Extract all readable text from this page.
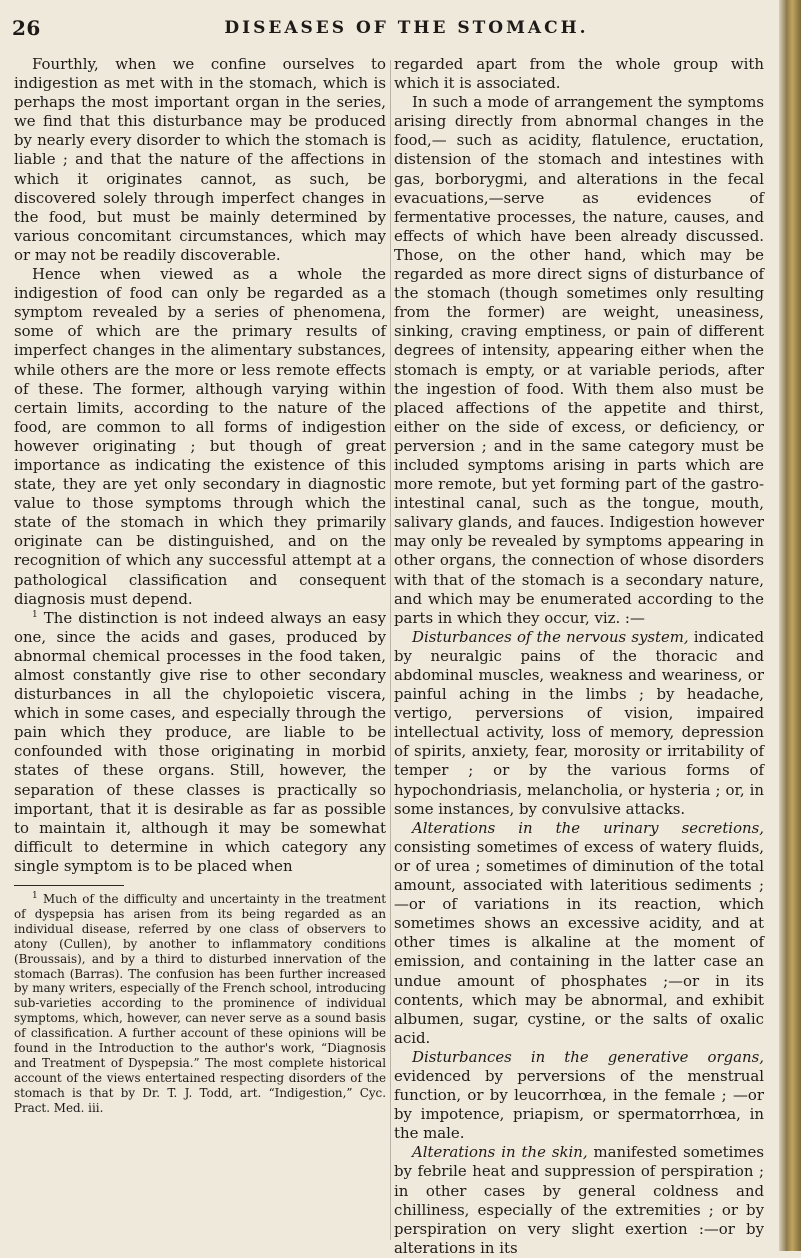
26	DISEASES OF THE STOMACH.

Fourthly, when we confine ourselves to indigestion as met with in the stomach, which is perhaps the most important organ in the series, we find that this disturbance may be produced by nearly every disorder to which the stomach is liable ; and that the nature of the affections in which it originates cannot, as such, be discovered solely through imperfect changes in the food, but must be mainly determined by various concomitant circumstances, which may or may not be readily discoverable.

Hence when viewed as a whole the indigestion of food can only be regarded as a symptom revealed by a series of phenomena, some of which are the primary results of imperfect changes in the alimentary substances, while others are the more or less remote effects of these. The former, although varying within certain limits, according to the nature of the food, are common to all forms of indigestion however originating ; but though of great importance as indicating the existence of this state, they are yet only secondary in diagnostic value to those symptoms through which the state of the stomach in which they primarily originate can be distinguished, and on the recognition of which any successful attempt at a pathological classification and consequent diagnosis must depend.

$^1$ The distinction is not indeed always an easy one, since the acids and gases, produced by abnormal chemical processes in the food taken, almost constantly give rise to other secondary disturbances in all the chylopoietic viscera, which in some cases, and especially through the pain which they produce, are liable to be confounded with those originating in morbid states of these organs. Still, however, the separation of these classes is practically so important, that it is desirable as far as possible to maintain it, although it may be somewhat difficult to determine in which category any single symptom is to be placed when

$^1$ Much of the difficulty and uncertainty in the treatment of dyspepsia has arisen from its being regarded as an individual disease, referred by one class of observers to atony (Cullen), by another to inflammatory conditions (Broussais), and by a third to disturbed innervation of the stomach (Barras). The confusion has been further increased by many writers, especially of the French school, introducing sub-varieties according to the prominence of individual symptoms, which, however, can never serve as a sound basis of classification. A further account of these opinions will be found in the Introduction to the author's work, “Diagnosis and Treatment of Dyspepsia.” The most complete historical account of the views entertained respecting disorders of the stomach is that by Dr. T. J. Todd, art. “Indigestion,” Cyc. Pract. Med. iii.

regarded apart from the whole group with which it is associated.

In such a mode of arrangement the symptoms arising directly from abnormal changes in the food,— such as acidity, flatulence, eructation, distension of the stomach and intestines with gas, borborygmi, and alterations in the fecal evacuations,—serve as evidences of fermentative processes, the nature, causes, and effects of which have been already discussed. Those, on the other hand, which may be regarded as more direct signs of disturbance of the stomach (though sometimes only resulting from the former) are weight, uneasiness, sinking, craving emptiness, or pain of different degrees of intensity, appearing either when the stomach is empty, or at variable periods, after the ingestion of food. With them also must be placed affections of the appetite and thirst, either on the side of excess, or deficiency, or perversion ; and in the same category must be included symptoms arising in parts which are more remote, but yet forming part of the gastro-intestinal canal, such as the tongue, mouth, salivary glands, and fauces. Indigestion however may only be revealed by symptoms appearing in other organs, the connection of whose disorders with that of the stomach is a secondary nature, and which may be enumerated according to the parts in which they occur, viz. :—

Disturbances of the nervous system, indicated by neuralgic pains of the thoracic and abdominal muscles, weakness and weariness, or painful aching in the limbs ; by headache, vertigo, perversions of vision, impaired intellectual activity, loss of memory, depression of spirits, anxiety, fear, morosity or irritability of temper ; or by the various forms of hypochondriasis, melancholia, or hysteria ; or, in some instances, by convulsive attacks.

Alterations in the urinary secretions, consisting sometimes of excess of watery fluids, or of urea ; sometimes of diminution of the total amount, associated with lateritious sediments ;—or of variations in its reaction, which sometimes shows an excessive acidity, and at other times is alkaline at the moment of emission, and containing in the latter case an undue amount of phosphates ;—or in its contents, which may be abnormal, and exhibit albumen, sugar, cystine, or the salts of oxalic acid.

Disturbances in the generative organs, evidenced by perversions of the menstrual function, or by leucorrhœa, in the female ; —or by impotence, priapism, or spermatorrhœa, in the male.

Alterations in the skin, manifested sometimes by febrile heat and suppression of perspiration ; in other cases by general coldness and chilliness, especially of the extremities ; or by perspiration on very slight exertion :—or by alterations in its
